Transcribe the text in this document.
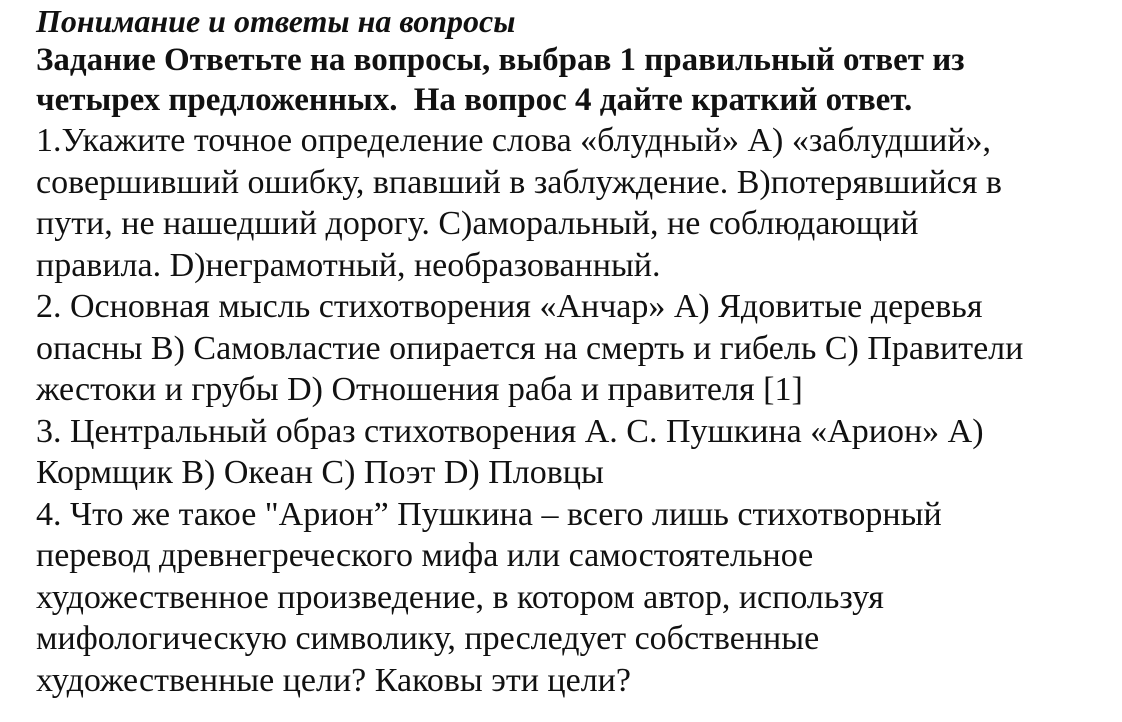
Понимание и ответы на вопросы
Задание Ответьте на вопросы, выбрав 1 правильный ответ из
четырех предложенных. На вопрос 4 дайте краткий ответ.
1.Укажите точное определение слова «блудный» А) «заблудший»,
совершивший ошибку, впавший в заблуждение. В)потерявшийся в
пути, не нашедший дорогу. С)аморальный, не соблюдающий
правила. D)неграмотный, необразованный.
2. Основная мысль стихотворения «Анчар» А) Ядовитые деревья
опасны В) Самовластие опирается на смерть и гибель С) Правители
жестоки и грубы D) Отношения раба и правителя [1]
3. Центральный образ стихотворения А. С. Пушкина «Арион» А)
Кормщик В) Океан С) Поэт D) Пловцы
4. Что же такое "Арион” Пушкина – всего лишь стихотворный
перевод древнегреческого мифа или самостоятельное
художественное произведение, в котором автор, используя
мифологическую символику, преследует собственные
художественные цели? Каковы эти цели?
